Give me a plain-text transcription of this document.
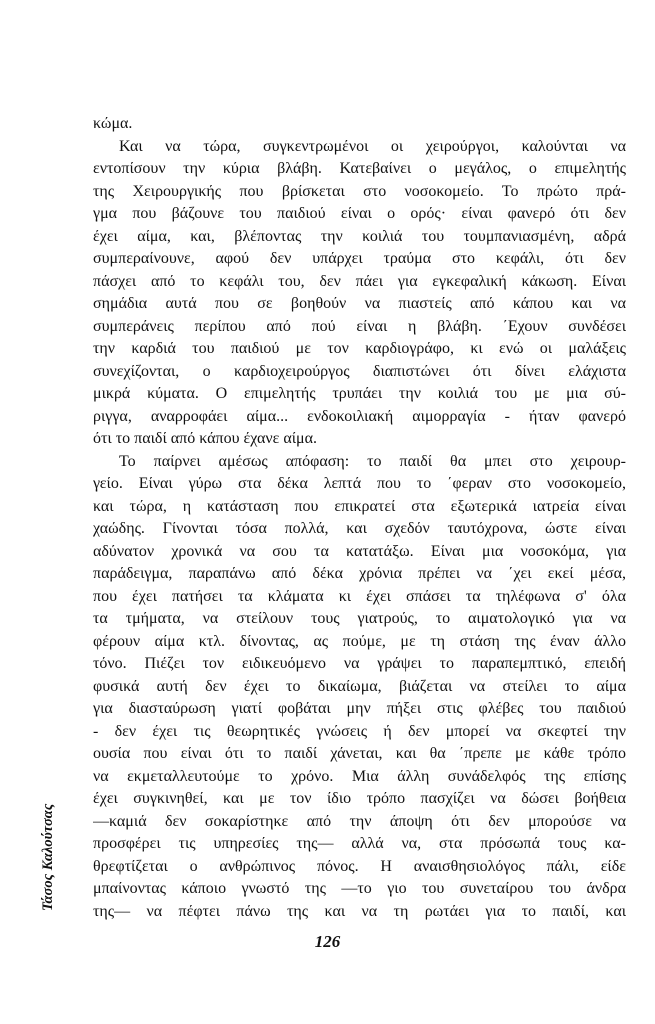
Τάσος Καλούτσας
κώμα.
Και να τώρα, συγκεντρωμένοι οι χειρούργοι, καλούνται να
εντοπίσουν την κύρια βλάβη. Κατεβαίνει ο μεγάλος, ο επιμελητής
της Χειρουργικής που βρίσκεται στο νοσοκομείο. Το πρώτο πρά-
γμα που βάζουνε του παιδιού είναι ο ορός· είναι φανερό ότι δεν
έχει αίμα, και, βλέποντας την κοιλιά του τουμπανιασμένη, αδρά
συμπεραίνουνε, αφού δεν υπάρχει τραύμα στο κεφάλι, ότι δεν
πάσχει από το κεφάλι του, δεν πάει για εγκεφαλική κάκωση. Είναι
σημάδια αυτά που σε βοηθούν να πιαστείς από κάπου και να
συμπεράνεις περίπου από πού είναι η βλάβη. ΄Εχουν συνδέσει
την καρδιά του παιδιού με τον καρδιογράφο, κι ενώ οι μαλάξεις
συνεχίζονται, ο καρδιοχειρούργος διαπιστώνει ότι δίνει ελάχιστα
μικρά κύματα. Ο επιμελητής τρυπάει την κοιλιά του με μια σύ-
ριγγα, αναρροφάει αίμα... ενδοκοιλιακή αιμορραγία - ήταν φανερό
ότι το παιδί από κάπου έχανε αίμα.
Το παίρνει αμέσως απόφαση: το παιδί θα μπει στο χειρουρ-
γείο. Είναι γύρω στα δέκα λεπτά που το ΄φεραν στο νοσοκομείο,
και τώρα, η κατάσταση που επικρατεί στα εξωτερικά ιατρεία είναι
χαώδης. Γίνονται τόσα πολλά, και σχεδόν ταυτόχρονα, ώστε είναι
αδύνατον χρονικά να σου τα κατατάξω. Είναι μια νοσοκόμα, για
παράδειγμα, παραπάνω από δέκα χρόνια πρέπει να ΄χει εκεί μέσα,
που έχει πατήσει τα κλάματα κι έχει σπάσει τα τηλέφωνα σ' όλα
τα τμήματα, να στείλουν τους γιατρούς, το αιματολογικό για να
φέρουν αίμα κτλ. δίνοντας, ας πούμε, με τη στάση της έναν άλλο
τόνο. Πιέζει τον ειδικευόμενο να γράψει το παραπεμπτικό, επειδή
φυσικά αυτή δεν έχει το δικαίωμα, βιάζεται να στείλει το αίμα
για διασταύρωση γιατί φοβάται μην πήξει στις φλέβες του παιδιού
- δεν έχει τις θεωρητικές γνώσεις ή δεν μπορεί να σκεφτεί την
ουσία που είναι ότι το παιδί χάνεται, και θα ΄πρεπε με κάθε τρόπο
να εκμεταλλευτούμε το χρόνο. Μια άλλη συνάδελφός της επίσης
έχει συγκινηθεί, και με τον ίδιο τρόπο πασχίζει να δώσει βοήθεια
—καμιά δεν σοκαρίστηκε από την άποψη ότι δεν μπορούσε να
προσφέρει τις υπηρεσίες της— αλλά να, στα πρόσωπά τους κα-
θρεφτίζεται ο ανθρώπινος πόνος. Η αναισθησιολόγος πάλι, είδε
μπαίνοντας κάποιο γνωστό της —το γιο του συνεταίρου του άνδρα
της— να πέφτει πάνω της και να τη ρωτάει για το παιδί, και

126
